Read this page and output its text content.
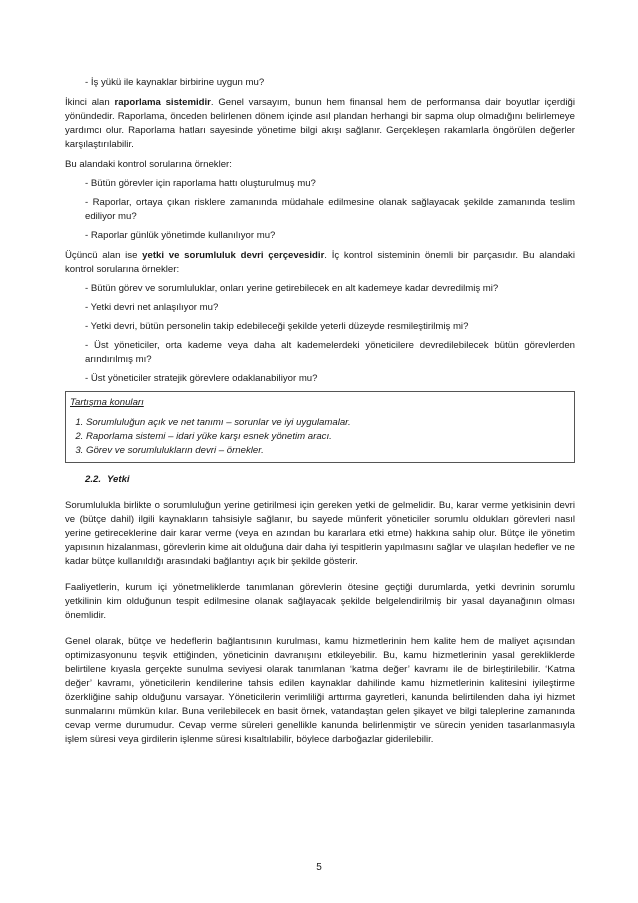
- İş yükü ile kaynaklar birbirine uygun mu?

İkinci alan raporlama sistemidir. Genel varsayım, bunun hem finansal hem de performansa dair boyutlar içerdiği yönündedir. Raporlama, önceden belirlenen dönem içinde asıl plandan herhangi bir sapma olup olmadığını belirlemeye yardımcı olur. Raporlama hatları sayesinde yönetime bilgi akışı sağlanır. Gerçekleşen rakamlarla öngörülen değerler karşılaştırılabilir.

Bu alandaki kontrol sorularına örnekler:

- Bütün görevler için raporlama hattı oluşturulmuş mu?

- Raporlar, ortaya çıkan risklere zamanında müdahale edilmesine olanak sağlayacak şekilde zamanında teslim ediliyor mu?

- Raporlar günlük yönetimde kullanılıyor mu?

Üçüncü alan ise yetki ve sorumluluk devri çerçevesidir. İç kontrol sisteminin önemli bir parçasıdır. Bu alandaki kontrol sorularına örnekler:

- Bütün görev ve sorumluluklar, onları yerine getirebilecek en alt kademeye kadar devredilmiş mi?

- Yetki devri net anlaşılıyor mu?

- Yetki devri, bütün personelin takip edebileceği şekilde yeterli düzeyde resmileştirilmiş mi?

- Üst yöneticiler, orta kademe veya daha alt kademelerdeki yöneticilere devredilebilecek bütün görevlerden arındırılmış mı?

- Üst yöneticiler stratejik görevlere odaklanabiliyor mu?

Tartışma konuları
1. Sorumluluğun açık ve net tanımı – sorunlar ve iyi uygulamalar.
2. Raporlama sistemi – idari yüke karşı esnek yönetim aracı.
3. Görev ve sorumlulukların devri – örnekler.
2.2. Yetki

Sorumlulukla birlikte o sorumluluğun yerine getirilmesi için gereken yetki de gelmelidir. Bu, karar verme yetkisinin devri ve (bütçe dahil) ilgili kaynakların tahsisiyle sağlanır, bu sayede münferit yöneticiler sorumlu oldukları görevleri nasıl yerine getireceklerine dair karar verme (veya en azından bu kararlara etki etme) hakkına sahip olur. Bütçe ile yönetim yapısının hizalanması, görevlerin kime ait olduğuna dair daha iyi tespitlerin yapılmasını sağlar ve ulaşılan hedefler ve ne kadar bütçe kullanıldığı arasındaki bağlantıyı açık bir şekilde gösterir.

Faaliyetlerin, kurum içi yönetmeliklerde tanımlanan görevlerin ötesine geçtiği durumlarda, yetki devrinin sorumlu yetkilinin kim olduğunun tespit edilmesine olanak sağlayacak şekilde belgelendirilmiş bir yasal dayanağının olması önemlidir.

Genel olarak, bütçe ve hedeflerin bağlantısının kurulması, kamu hizmetlerinin hem kalite hem de maliyet açısından optimizasyonunu teşvik ettiğinden, yöneticinin davranışını etkileyebilir. Bu, kamu hizmetlerinin yasal gerekliklerde belirtilene kıyasla gerçekte sunulma seviyesi olarak tanımlanan ‘katma değer’ kavramı ile de birleştirilebilir. ‘Katma değer’ kavramı, yöneticilerin kendilerine tahsis edilen kaynaklar dahilinde kamu hizmetlerinin kalitesini iyileştirme özerkliğine sahip olduğunu varsayar. Yöneticilerin verimliliği arttırma gayretleri, kanunda belirtilenden daha iyi hizmet sunmalarını mümkün kılar. Buna verilebilecek en basit örnek, vatandaştan gelen şikayet ve bilgi taleplerine zamanında cevap verme durumudur. Cevap verme süreleri genellikle kanunda belirlenmiştir ve sürecin yeniden tasarlanmasıyla işlem süresi veya girdilerin işlenme süresi kısaltılabilir, böylece darboğazlar giderilebilir.

5
